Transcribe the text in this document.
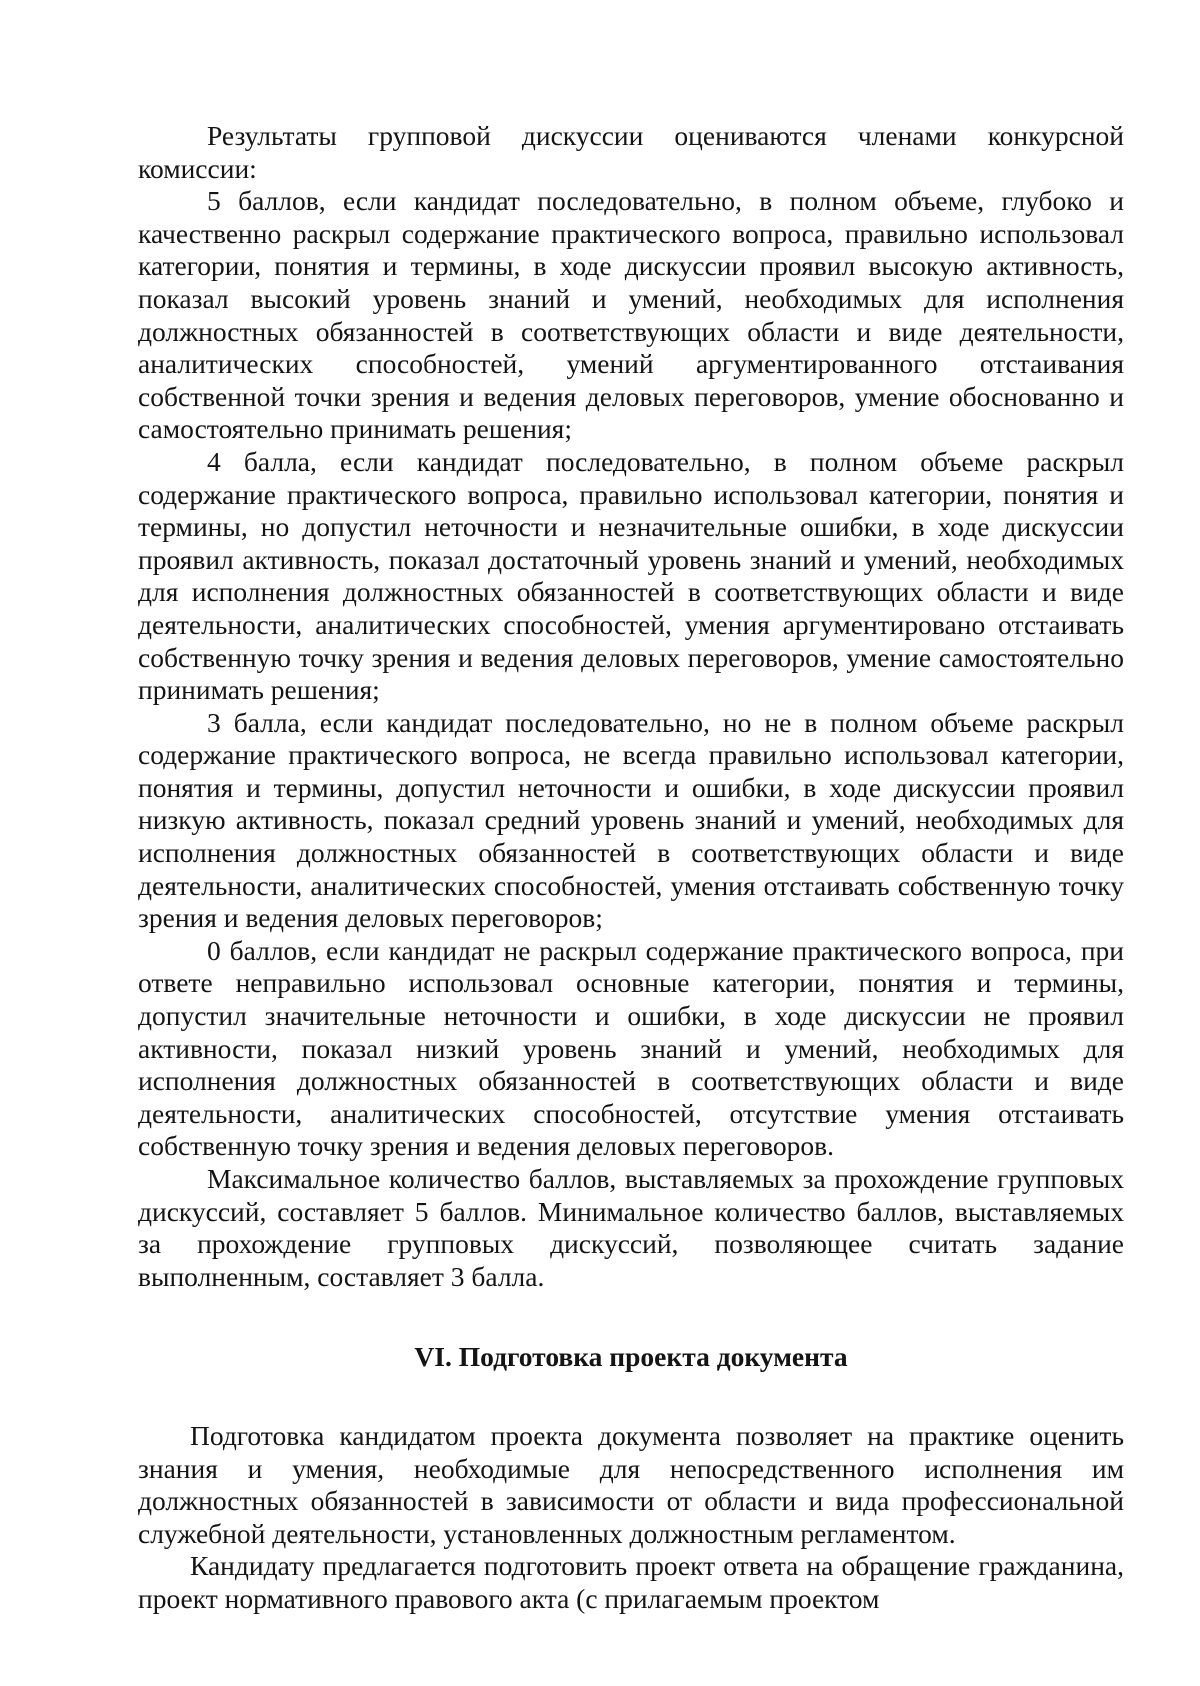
Результаты групповой дискуссии оцениваются членами конкурсной комиссии:

5 баллов, если кандидат последовательно, в полном объеме, глубоко и качественно раскрыл содержание практического вопроса, правильно использовал категории, понятия и термины, в ходе дискуссии проявил высокую активность, показал высокий уровень знаний и умений, необходимых для исполнения должностных обязанностей в соответствующих области и виде деятельности, аналитических способностей, умений аргументированного отстаивания собственной точки зрения и ведения деловых переговоров, умение обоснованно и самостоятельно принимать решения;

4 балла, если кандидат последовательно, в полном объеме раскрыл содержание практического вопроса, правильно использовал категории, понятия и термины, но допустил неточности и незначительные ошибки, в ходе дискуссии проявил активность, показал достаточный уровень знаний и умений, необходимых для исполнения должностных обязанностей в соответствующих области и виде деятельности, аналитических способностей, умения аргументировано отстаивать собственную точку зрения и ведения деловых переговоров, умение самостоятельно принимать решения;

3 балла, если кандидат последовательно, но не в полном объеме раскрыл содержание практического вопроса, не всегда правильно использовал категории, понятия и термины, допустил неточности и ошибки, в ходе дискуссии проявил низкую активность, показал средний уровень знаний и умений, необходимых для исполнения должностных обязанностей в соответствующих области и виде деятельности, аналитических способностей, умения отстаивать собственную точку зрения и ведения деловых переговоров;

0 баллов, если кандидат не раскрыл содержание практического вопроса, при ответе неправильно использовал основные категории, понятия и термины, допустил значительные неточности и ошибки, в ходе дискуссии не проявил активности, показал низкий уровень знаний и умений, необходимых для исполнения должностных обязанностей в соответствующих области и виде деятельности, аналитических способностей, отсутствие умения отстаивать собственную точку зрения и ведения деловых переговоров.

Максимальное количество баллов, выставляемых за прохождение групповых дискуссий, составляет 5 баллов. Минимальное количество баллов, выставляемых за прохождение групповых дискуссий, позволяющее считать задание выполненным, составляет 3 балла.

VI. Подготовка проекта документа

Подготовка кандидатом проекта документа позволяет на практике оценить знания и умения, необходимые для непосредственного исполнения им должностных обязанностей в зависимости от области и вида профессиональной служебной деятельности, установленных должностным регламентом.

Кандидату предлагается подготовить проект ответа на обращение гражданина, проект нормативного правового акта (с прилагаемым проектом
